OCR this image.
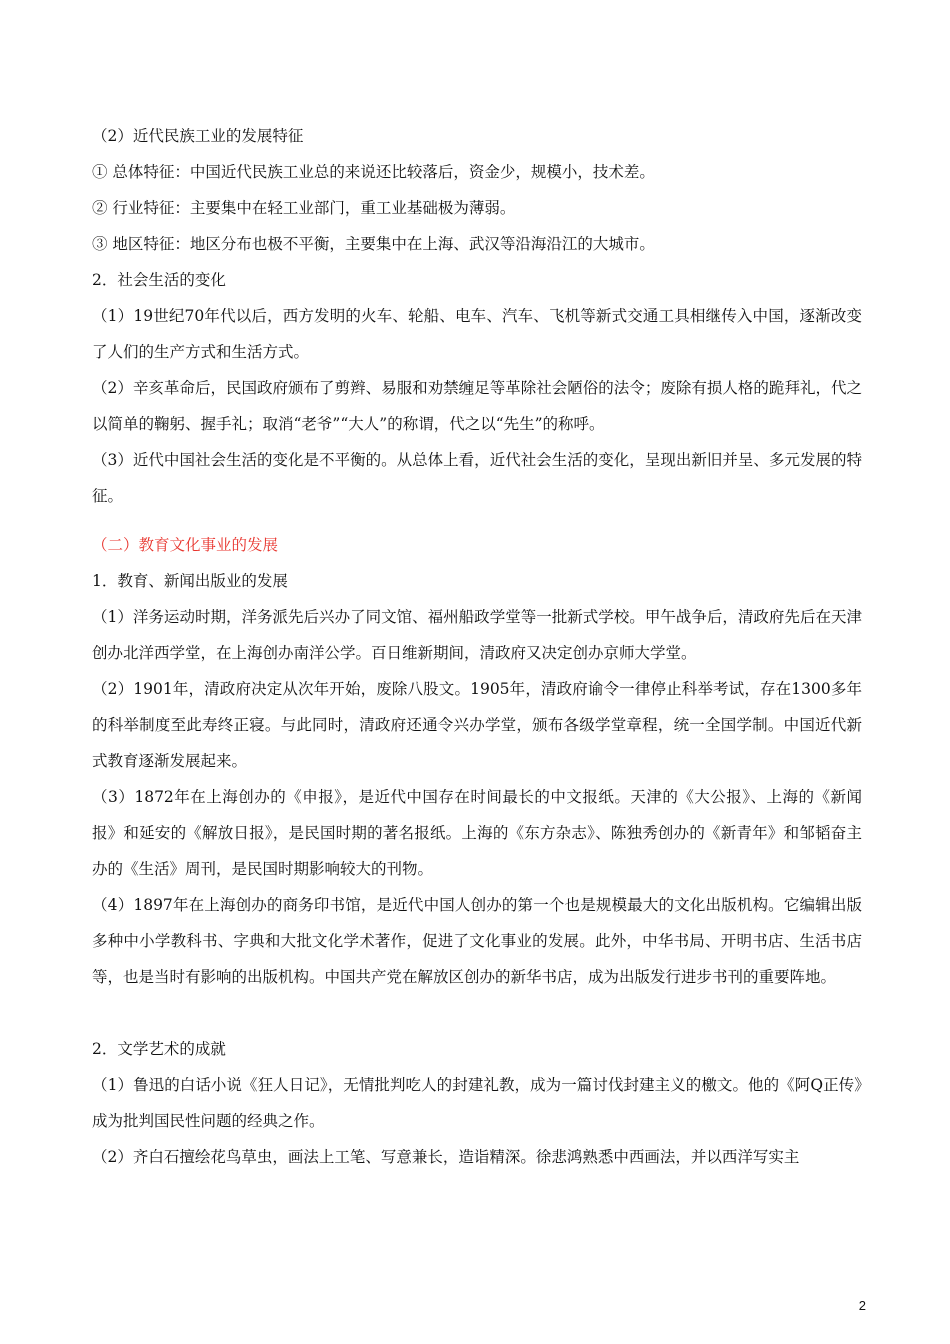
（2）近代民族工业的发展特征

① 总体特征：中国近代民族工业总的来说还比较落后，资金少，规模小，技术差。

② 行业特征：主要集中在轻工业部门，重工业基础极为薄弱。

③ 地区特征：地区分布也极不平衡，主要集中在上海、武汉等沿海沿江的大城市。

2．社会生活的变化

（1）19世纪70年代以后，西方发明的火车、轮船、电车、汽车、飞机等新式交通工具相继传入中国，逐渐改变了人们的生产方式和生活方式。

（2）辛亥革命后，民国政府颁布了剪辫、易服和劝禁缠足等革除社会陋俗的法令；废除有损人格的跪拜礼，代之以简单的鞠躬、握手礼；取消“老爷”“大人”的称谓，代之以“先生”的称呼。

（3）近代中国社会生活的变化是不平衡的。从总体上看，近代社会生活的变化，呈现出新旧并呈、多元发展的特征。

（二）教育文化事业的发展

1．教育、新闻出版业的发展

（1）洋务运动时期，洋务派先后兴办了同文馆、福州船政学堂等一批新式学校。甲午战争后，清政府先后在天津创办北洋西学堂，在上海创办南洋公学。百日维新期间，清政府又决定创办京师大学堂。

（2）1901年，清政府决定从次年开始，废除八股文。1905年，清政府谕令一律停止科举考试，存在1300多年的科举制度至此寿终正寝。与此同时，清政府还通令兴办学堂，颁布各级学堂章程，统一全国学制。中国近代新式教育逐渐发展起来。

（3）1872年在上海创办的《申报》，是近代中国存在时间最长的中文报纸。天津的《大公报》、上海的《新闻报》和延安的《解放日报》，是民国时期的著名报纸。上海的《东方杂志》、陈独秀创办的《新青年》和邹韬奋主办的《生活》周刊，是民国时期影响较大的刊物。

（4）1897年在上海创办的商务印书馆，是近代中国人创办的第一个也是规模最大的文化出版机构。它编辑出版多种中小学教科书、字典和大批文化学术著作，促进了文化事业的发展。此外，中华书局、开明书店、生活书店等，也是当时有影响的出版机构。中国共产党在解放区创办的新华书店，成为出版发行进步书刊的重要阵地。

2．文学艺术的成就

（1）鲁迅的白话小说《狂人日记》，无情批判吃人的封建礼教，成为一篇讨伐封建主义的檄文。他的《阿Q正传》成为批判国民性问题的经典之作。

（2）齐白石擅绘花鸟草虫，画法上工笔、写意兼长，造诣精深。徐悲鸿熟悉中西画法，并以西洋写实主

2
